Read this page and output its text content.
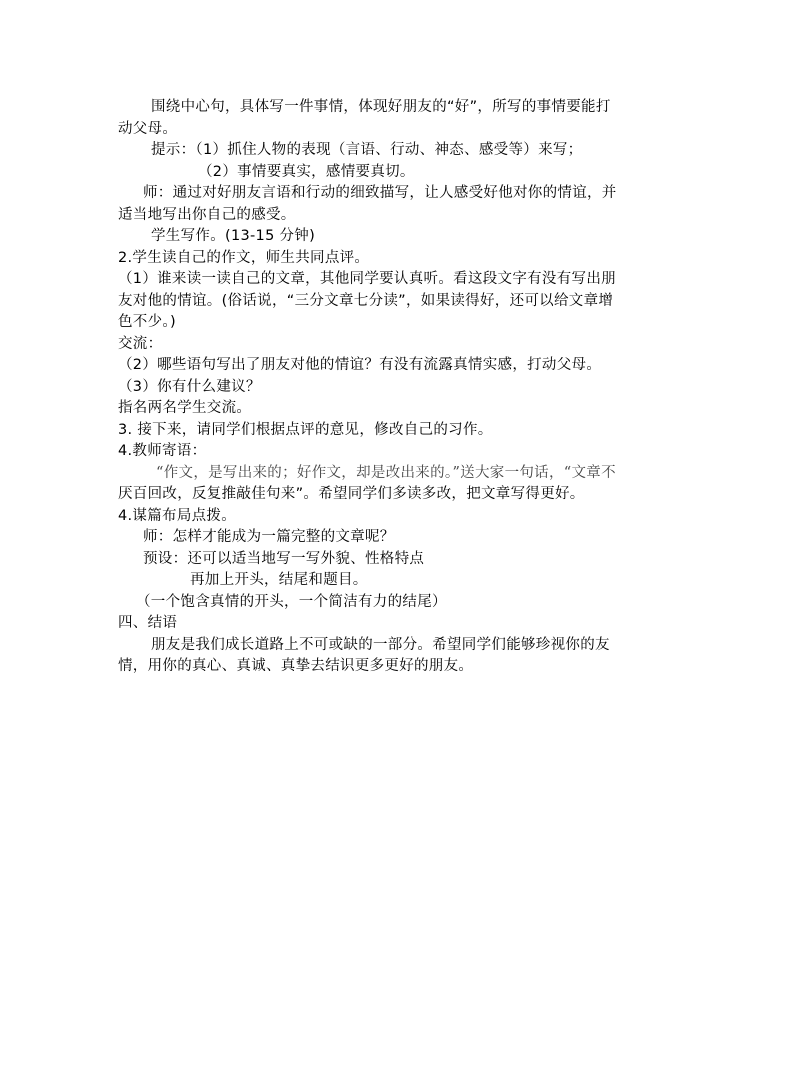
围绕中心句，具体写一件事情，体现好朋友的“好”，所写的事情要能打
动父母。
提示：（1）抓住人物的表现（言语、行动、神态、感受等）来写；
（2）事情要真实，感情要真切。
师：通过对好朋友言语和行动的细致描写，让人感受好他对你的情谊，并
适当地写出你自己的感受。
学生写作。(13-15 分钟)
2.学生读自己的作文，师生共同点评。
（1）谁来读一读自己的文章，其他同学要认真听。看这段文字有没有写出朋
友对他的情谊。(俗话说，“三分文章七分读”，如果读得好，还可以给文章增
色不少。)
交流：
（2）哪些语句写出了朋友对他的情谊？有没有流露真情实感，打动父母。
（3）你有什么建议？
指名两名学生交流。
3. 接下来，请同学们根据点评的意见，修改自己的习作。
4.教师寄语：
“作文，是写出来的；好作文，却是改出来的。”送大家一句话，“文章不
厌百回改，反复推敲佳句来”。希望同学们多读多改，把文章写得更好。
4.谋篇布局点拨。
师：怎样才能成为一篇完整的文章呢？
预设：还可以适当地写一写外貌、性格特点
再加上开头，结尾和题目。
（一个饱含真情的开头，一个简洁有力的结尾）
四、结语
朋友是我们成长道路上不可或缺的一部分。希望同学们能够珍视你的友
情，用你的真心、真诚、真挚去结识更多更好的朋友。
